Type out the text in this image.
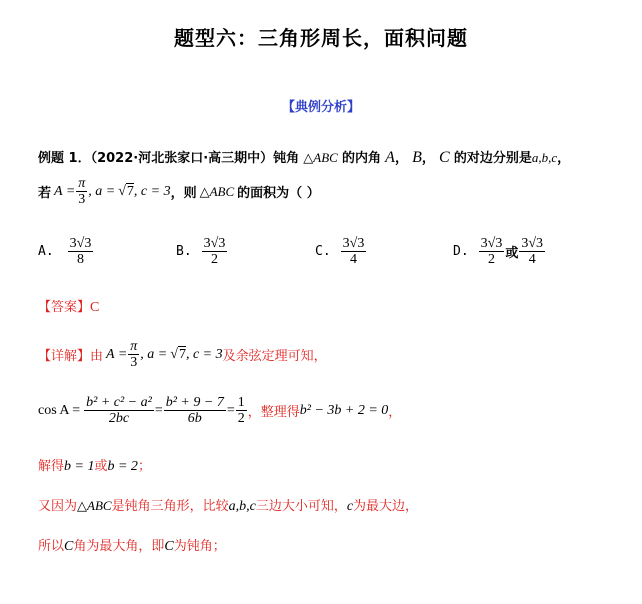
题型六：三角形周长，面积问题
【典例分析】
例题 1．（2022·河北张家口·高三期中）钝角 △ABC 的内角 A， B， C 的对边分别是a,b,c，
若 $A = \frac{\pi}{3}$ , a = √7 , c = 3 ，则 △ABC 的面积为（ ）
A. $\frac{3√3}{8}$	B. $\frac{3√3}{2}$	C. $\frac{3√3}{4}$	D. $\frac{3√3}{2}$ 或 $\frac{3√3}{4}$
【答案】C
【详解】 由 $A = \frac{\pi}{3}$ , a = √7 , c = 3 及余弦定理可知，
$\cos A = \frac{\text{b² + c² − a²}}{2bc} = \frac{\text{b² + 9 − 7}}{6b} = \frac{1}{2}$ ，整理得 b² − 3b + 2 = 0 ，
解得b = 1或b = 2；
又因为△ABC是钝角三角形，比较a,b,c三边大小可知，c为最大边，
所以C角为最大角，即C为钝角；
